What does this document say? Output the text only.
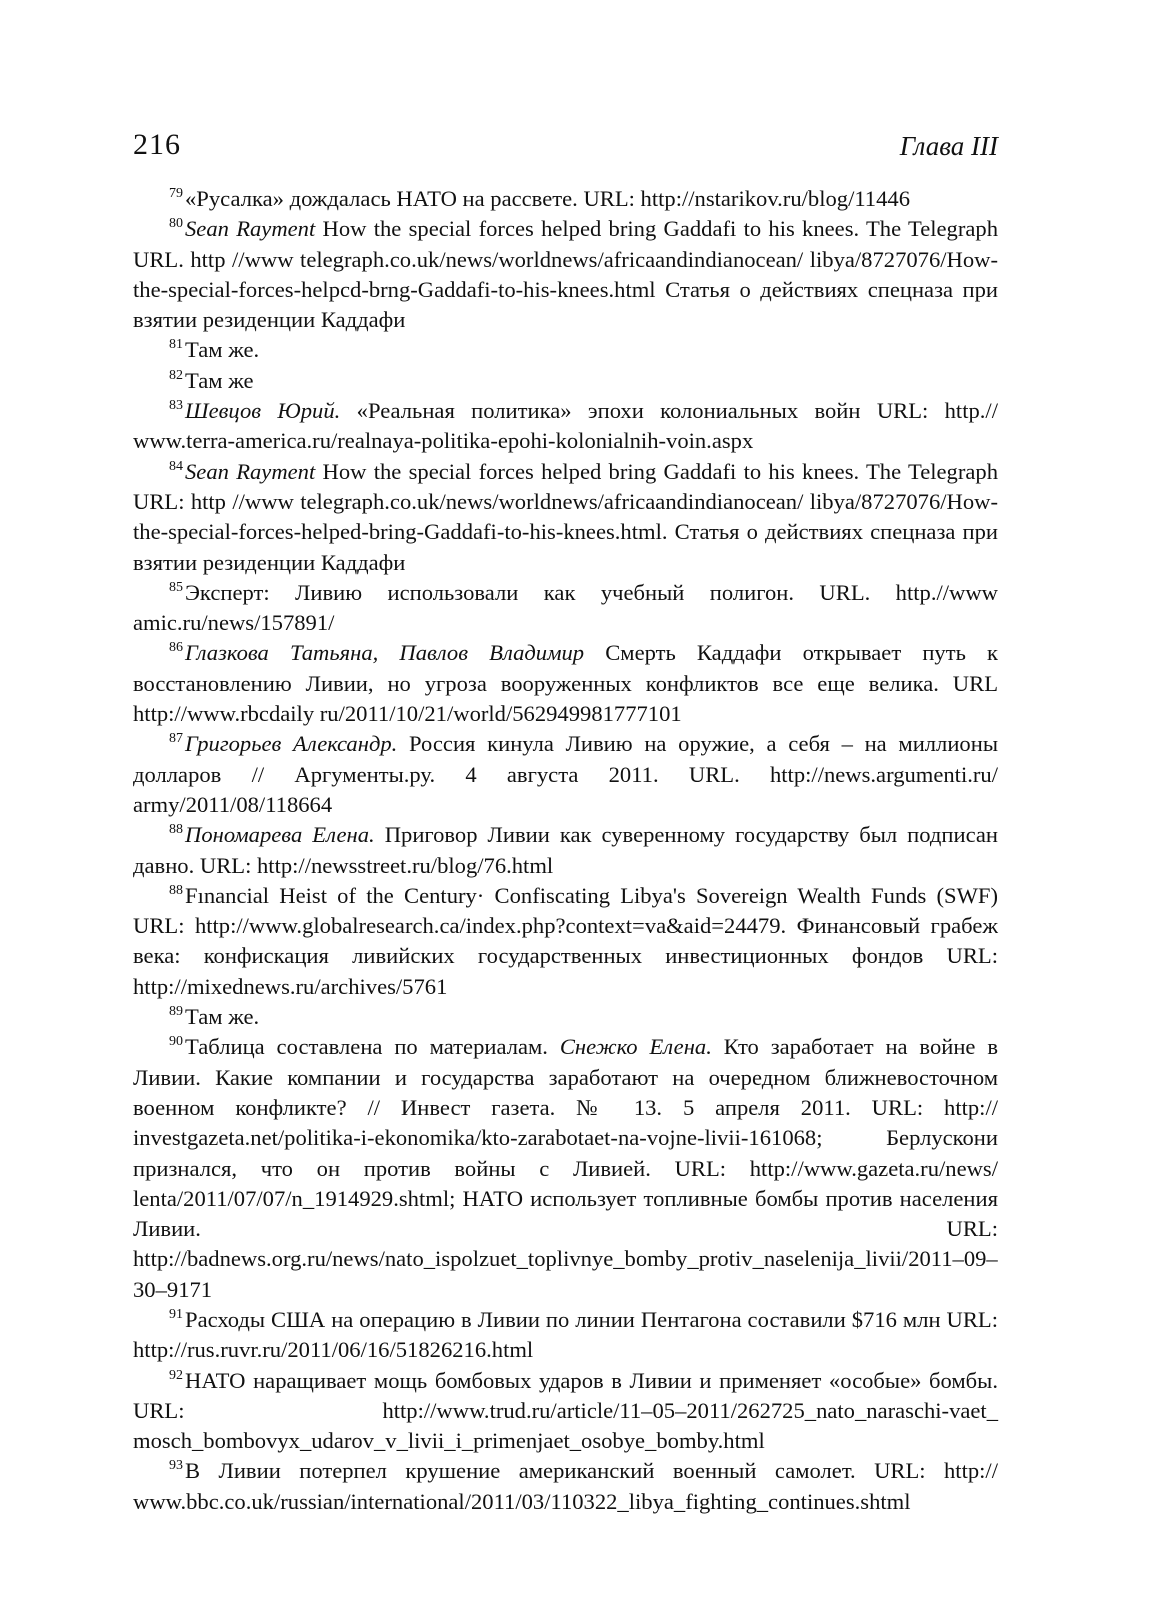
216	Глава III

$^{79}$«Русалка» дождалась НАТО на рассвете. URL: http://nstarikov.ru/blog/11446

$^{80}$Sean Rayment How the special forces helped bring Gaddafi to his knees. The Telegraph URL. http //www telegraph.co.uk/news/worldnews/africaandindianocean/ libya/8727076/How-the-special-forces-helpcd-brng-Gaddafi-to-his-knees.html Статья о действиях спецназа при взятии резиденции Каддафи

$^{81}$Там же.

$^{82}$Там же

$^{83}$Шевцов Юрий. «Реальная политика» эпохи колониальных войн URL: http.// www.terra-america.ru/realnaya-politika-epohi-kolonialnih-voin.aspx

$^{84}$Sean Rayment How the special forces helped bring Gaddafi to his knees. The Telegraph URL: http //www telegraph.co.uk/news/worldnews/africaandindianocean/ libya/8727076/How-the-special-forces-helped-bring-Gaddafi-to-his-knees.html. Статья о действиях спецназа при взятии резиденции Каддафи

$^{85}$Эксперт: Ливию использовали как учебный полигон. URL. http.//www amic.ru/news/157891/

$^{86}$Глазкова Татьяна, Павлов Владимир Смерть Каддафи открывает путь к восстановлению Ливии, но угроза вооруженных конфликтов все еще велика. URL http://www.rbcdaily ru/2011/10/21/world/562949981777101

$^{87}$Григорьев Александр. Россия кинула Ливию на оружие, а себя – на миллионы долларов // Аргументы.ру. 4 августа 2011. URL. http://news.argumenti.ru/ army/2011/08/118664

$^{88}$Пономарева Елена. Приговор Ливии как суверенному государству был подписан давно. URL: http://newsstreet.ru/blog/76.html

$^{88}$Fınancial Heist of the Century· Confiscating Libya's Sovereign Wealth Funds (SWF) URL: http://www.globalresearch.ca/index.php?context=va&aid=24479. Финансовый грабеж века: конфискация ливийских государственных инвестиционных фондов URL: http://mixednews.ru/archives/5761

$^{89}$Там же.

$^{90}$Таблица составлена по материалам. Снежко Елена. Кто заработает на войне в Ливии. Какие компании и государства заработают на очередном ближневосточном военном конфликте? // Инвест газета. № 13. 5 апреля 2011. URL: http:// investgazeta.net/politika-i-ekonomika/kto-zarabotaet-na-vojne-livii-161068; Берлускони признался, что он против войны с Ливией. URL: http://www.gazeta.ru/news/ lenta/2011/07/07/n_1914929.shtml; НАТО использует топливные бомбы против населения Ливии. URL: http://badnews.org.ru/news/nato_ispolzuet_toplivnye_bomby_protiv_naselenija_livii/2011–09–30–9171

$^{91}$Расходы США на операцию в Ливии по линии Пентагона составили $716 млн URL: http://rus.ruvr.ru/2011/06/16/51826216.html

$^{92}$НАТО наращивает мощь бомбовых ударов в Ливии и применяет «особые» бомбы. URL: http://www.trud.ru/article/11–05–2011/262725_nato_naraschi-vaet_ mosch_bombovyx_udarov_v_livii_i_primenjaet_osobye_bomby.html

$^{93}$В Ливии потерпел крушение американский военный самолет. URL: http:// www.bbc.co.uk/russian/international/2011/03/110322_libya_fighting_continues.shtml
